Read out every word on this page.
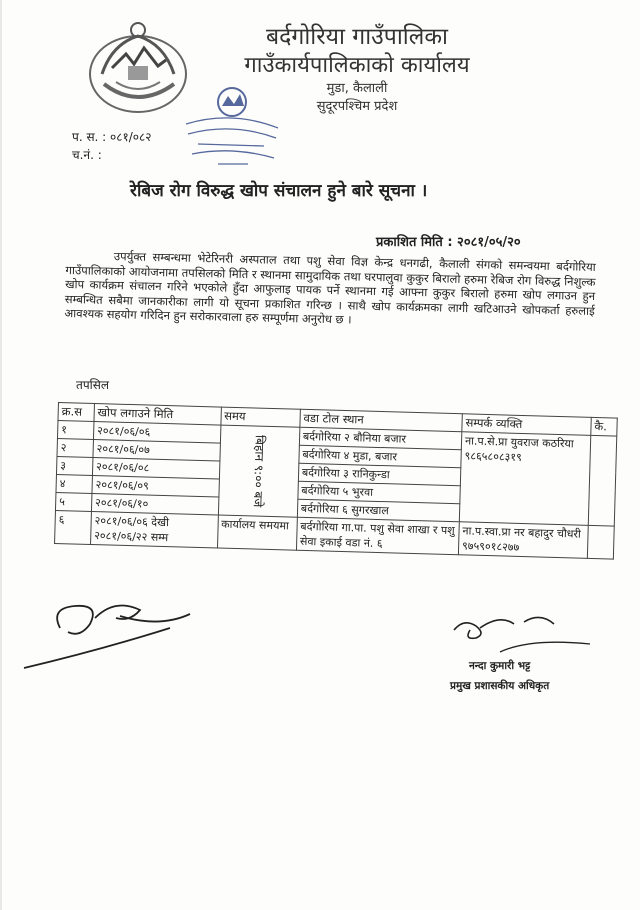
बर्दगोरिया गाउँपालिका
गाउँकार्यपालिकाको कार्यालय
मुडा, कैलाली
सुदूरपश्चिम प्रदेश
प. स. : ०८१/०८२
च.नं. :
रेबिज रोग विरुद्ध खोप संचालन हुने बारे सूचना ।
प्रकाशित मिति : २०८१/०५/२०

उपर्युक्त सम्बन्धमा भेटेरिनरी अस्पताल तथा पशु सेवा विज्ञ केन्द्र धनगढी, कैलाली संगको समन्वयमा बर्दगोरिया गाउँपालिकाको आयोजनामा तपसिलको मिति र स्थानमा सामुदायिक तथा घरपालुवा कुकुर बिरालो हरुमा रेबिज रोग विरुद्ध निशुल्क खोप कार्यक्रम संचालन गरिने भएकोले हुँदा आफुलाइ पायक पर्ने स्थानमा गई आफ्ना कुकुर बिरालो हरुमा खोप लगाउन हुन सम्बन्धित सबैमा जानकारीका लागी यो सूचना प्रकाशित गरिन्छ । साथै खोप कार्यक्रमका लागी खटिआउने खोपकर्ता हरुलाई आवश्यक सहयोग गरिदिन हुन सरोकारवाला हरु सम्पूर्णमा अनुरोध छ ।

तपसिल
क्र.स	खोप लगाउने मिति	समय	वडा टोल स्थान	सम्पर्क व्यक्ति	कै.
१	२०८१/०६/०६	बिहान ९:०० बजे	बर्दगोरिया २ बौनिया बजार	ना.प.से.प्रा युवराज कठरिया ९८६५८०८३१९	
२	२०८१/०६/०७		बर्दगोरिया ४ मुडा, बजार		
३	२०८१/०६/०८		बर्दगोरिया ३ रानिकुन्डा		
४	२०८१/०६/०९		बर्दगोरिया ५ भुरवा		
५	२०८१/०६/१०		बर्दगोरिया ६ सुगरखाल		
६	२०८१/०६/०६ देखी २०८१/०६/२२ सम्म	कार्यालय समयमा	बर्दगोरिया गा.पा. पशु सेवा शाखा र पशु सेवा इकाई वडा नं. ६	ना.प.स्वा.प्रा नर बहादुर चौधरी ९७५९०१८२७७	
नन्दा कुमारी भट्ट
प्रमुख प्रशासकीय अधिकृत
